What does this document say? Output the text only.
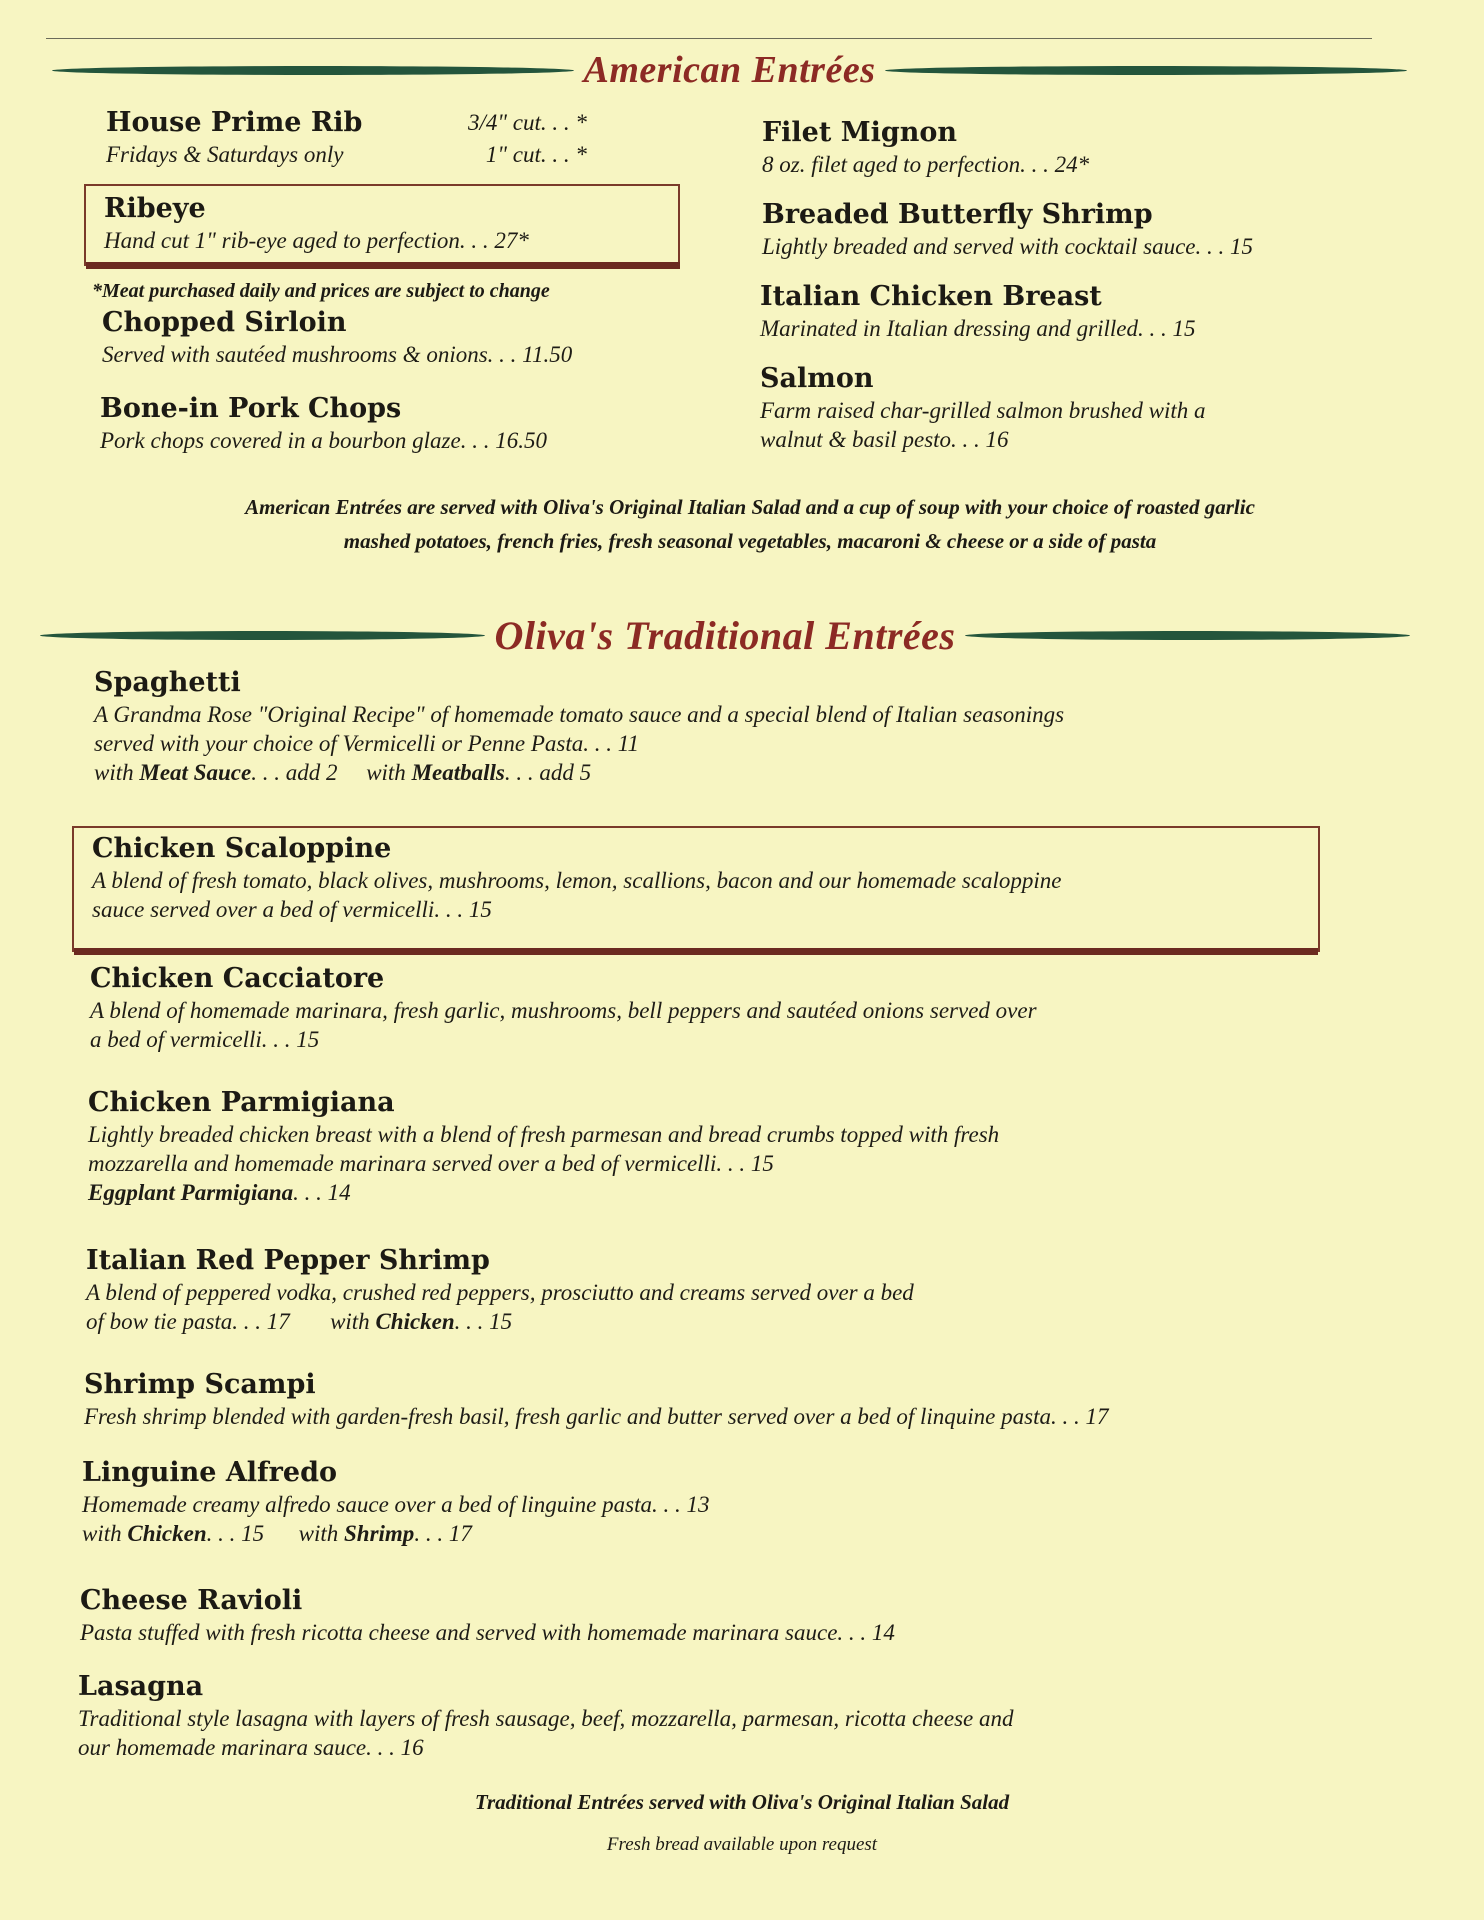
American Entrées
House Prime Rib
Fridays & Saturdays only
3/4" cut. . . *
1" cut. . . *
Ribeye
Hand cut 1" rib-eye aged to perfection. . . 27*
*Meat purchased daily and prices are subject to change
Chopped Sirloin
Served with sautéed mushrooms & onions. . . 11.50
Bone-in Pork Chops
Pork chops covered in a bourbon glaze. . . 16.50
Filet Mignon
8 oz. filet aged to perfection. . . 24*
Breaded Butterfly Shrimp
Lightly breaded and served with cocktail sauce. . . 15
Italian Chicken Breast
Marinated in Italian dressing and grilled. . . 15
Salmon
Farm raised char-grilled salmon brushed with a
walnut & basil pesto. . . 16
American Entrées are served with Oliva's Original Italian Salad and a cup of soup with your choice of roasted garlic
mashed potatoes, french fries, fresh seasonal vegetables, macaroni & cheese or a side of pasta
Oliva's Traditional Entrées
Spaghetti
A Grandma Rose "Original Recipe" of homemade tomato sauce and a special blend of Italian seasonings
served with your choice of Vermicelli or Penne Pasta. . . 11
with Meat Sauce. . . add 2 with Meatballs. . . add 5
Chicken Scaloppine
A blend of fresh tomato, black olives, mushrooms, lemon, scallions, bacon and our homemade scaloppine
sauce served over a bed of vermicelli. . . 15
Chicken Cacciatore
A blend of homemade marinara, fresh garlic, mushrooms, bell peppers and sautéed onions served over
a bed of vermicelli. . . 15
Chicken Parmigiana
Lightly breaded chicken breast with a blend of fresh parmesan and bread crumbs topped with fresh
mozzarella and homemade marinara served over a bed of vermicelli. . . 15
Eggplant Parmigiana. . . 14
Italian Red Pepper Shrimp
A blend of peppered vodka, crushed red peppers, prosciutto and creams served over a bed
of bow tie pasta. . . 17 with Chicken. . . 15
Shrimp Scampi
Fresh shrimp blended with garden-fresh basil, fresh garlic and butter served over a bed of linquine pasta. . . 17
Linguine Alfredo
Homemade creamy alfredo sauce over a bed of linguine pasta. . . 13
with Chicken. . . 15 with Shrimp. . . 17
Cheese Ravioli
Pasta stuffed with fresh ricotta cheese and served with homemade marinara sauce. . . 14
Lasagna
Traditional style lasagna with layers of fresh sausage, beef, mozzarella, parmesan, ricotta cheese and
our homemade marinara sauce. . . 16
Traditional Entrées served with Oliva's Original Italian Salad
Fresh bread available upon request
